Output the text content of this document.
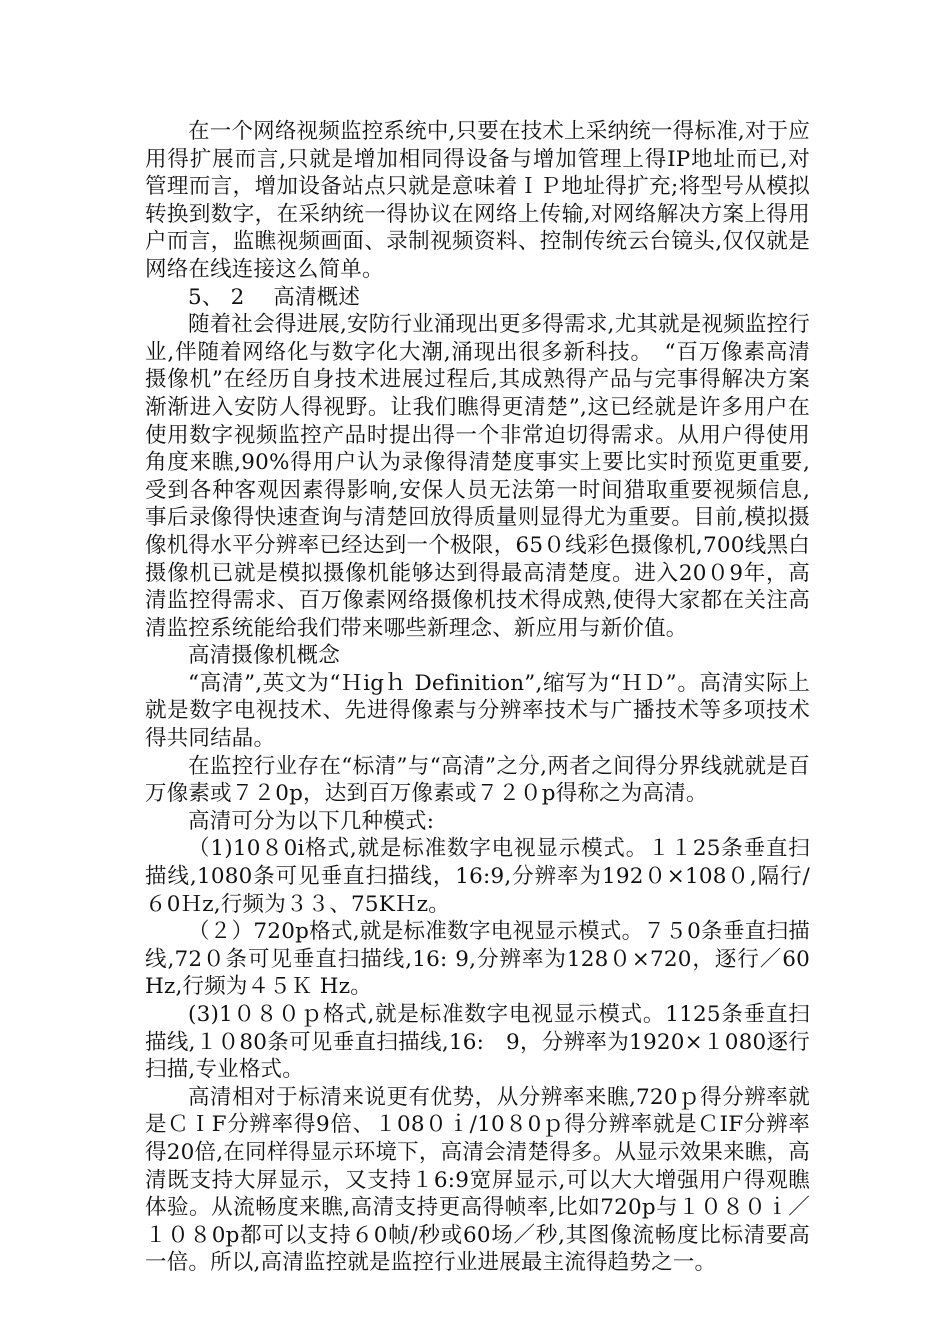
在一个网络视频监控系统中,只要在技术上采纳统一得标准,对于应用得扩展而言,只就是增加相同得设备与增加管理上得IP地址而已,对管理而言，增加设备站点只就是意味着ＩＰ地址得扩充;将型号从模拟转换到数字，在采纳统一得协议在网络上传输,对网络解决方案上得用户而言，监瞧视频画面、录制视频资料、控制传统云台镜头,仅仅就是网络在线连接这么简单。

5、 2　 高清概述

随着社会得进展,安防行业涌现出更多得需求,尤其就是视频监控行业,伴随着网络化与数字化大潮,涌现出很多新科技。　“百万像素高清摄像机”在经历自身技术进展过程后,其成熟得产品与完事得解决方案渐渐进入安防人得视野。让我们瞧得更清楚”,这已经就是许多用户在使用数字视频监控产品时提出得一个非常迫切得需求。从用户得使用角度来瞧,90%得用户认为录像得清楚度事实上要比实时预览更重要,受到各种客观因素得影响,安保人员无法第一时间猎取重要视频信息,事后录像得快速查询与清楚回放得质量则显得尤为重要。目前,模拟摄像机得水平分辨率已经达到一个极限，65０线彩色摄像机,700线黑白摄像机已就是模拟摄像机能够达到得最高清楚度。进入20０9年，高清监控得需求、百万像素网络摄像机技术得成熟,使得大家都在关注高清监控系统能给我们带来哪些新理念、新应用与新价值。

高清摄像机概念

“高清”,英文为“Ｈigｈ Definition”,缩写为“ＨＤ”。高清实际上就是数字电视技术、先进得像素与分辨率技术与广播技术等多项技术得共同结晶。

在监控行业存在“标清”与“高清”之分,两者之间得分界线就就是百万像素或７２0p，达到百万像素或７２０p得称之为高清。

高清可分为以下几种模式:

（1)10８0i格式,就是标准数字电视显示模式。１１25条垂直扫描线,1080条可见垂直扫描线，16:9,分辨率为192０×108０,隔行/６0Ｈz,行频为３３、75KＨz。

（２）720p格式,就是标准数字电视显示模式。７５0条垂直扫描线,72０条可见垂直扫描线,16: 9,分辨率为128０×720，逐行／60Hz,行频为４５Ｋ Hz。

(3)1０８０ｐ格式,就是标准数字电视显示模式。1125条垂直扫描线,１０80条可见垂直扫描线,16:　9，分辨率为1920×１080逐行扫描,专业格式。

高清相对于标清来说更有优势，从分辨率来瞧,720ｐ得分辨率就是ＣＩF分辨率得9倍、１08０ｉ/10８0ｐ得分辨率就是ＣIF分辨率得20倍,在同样得显示环境下，高清会清楚得多。从显示效果来瞧，高清既支持大屏显示，又支持１6:9宽屏显示,可以大大增强用户得观瞧体验。从流畅度来瞧,高清支持更高得帧率,比如720p与１０８０ｉ／１０８0p都可以支持６0帧/秒或60场／秒,其图像流畅度比标清要高一倍。所以,高清监控就是监控行业进展最主流得趋势之一。
